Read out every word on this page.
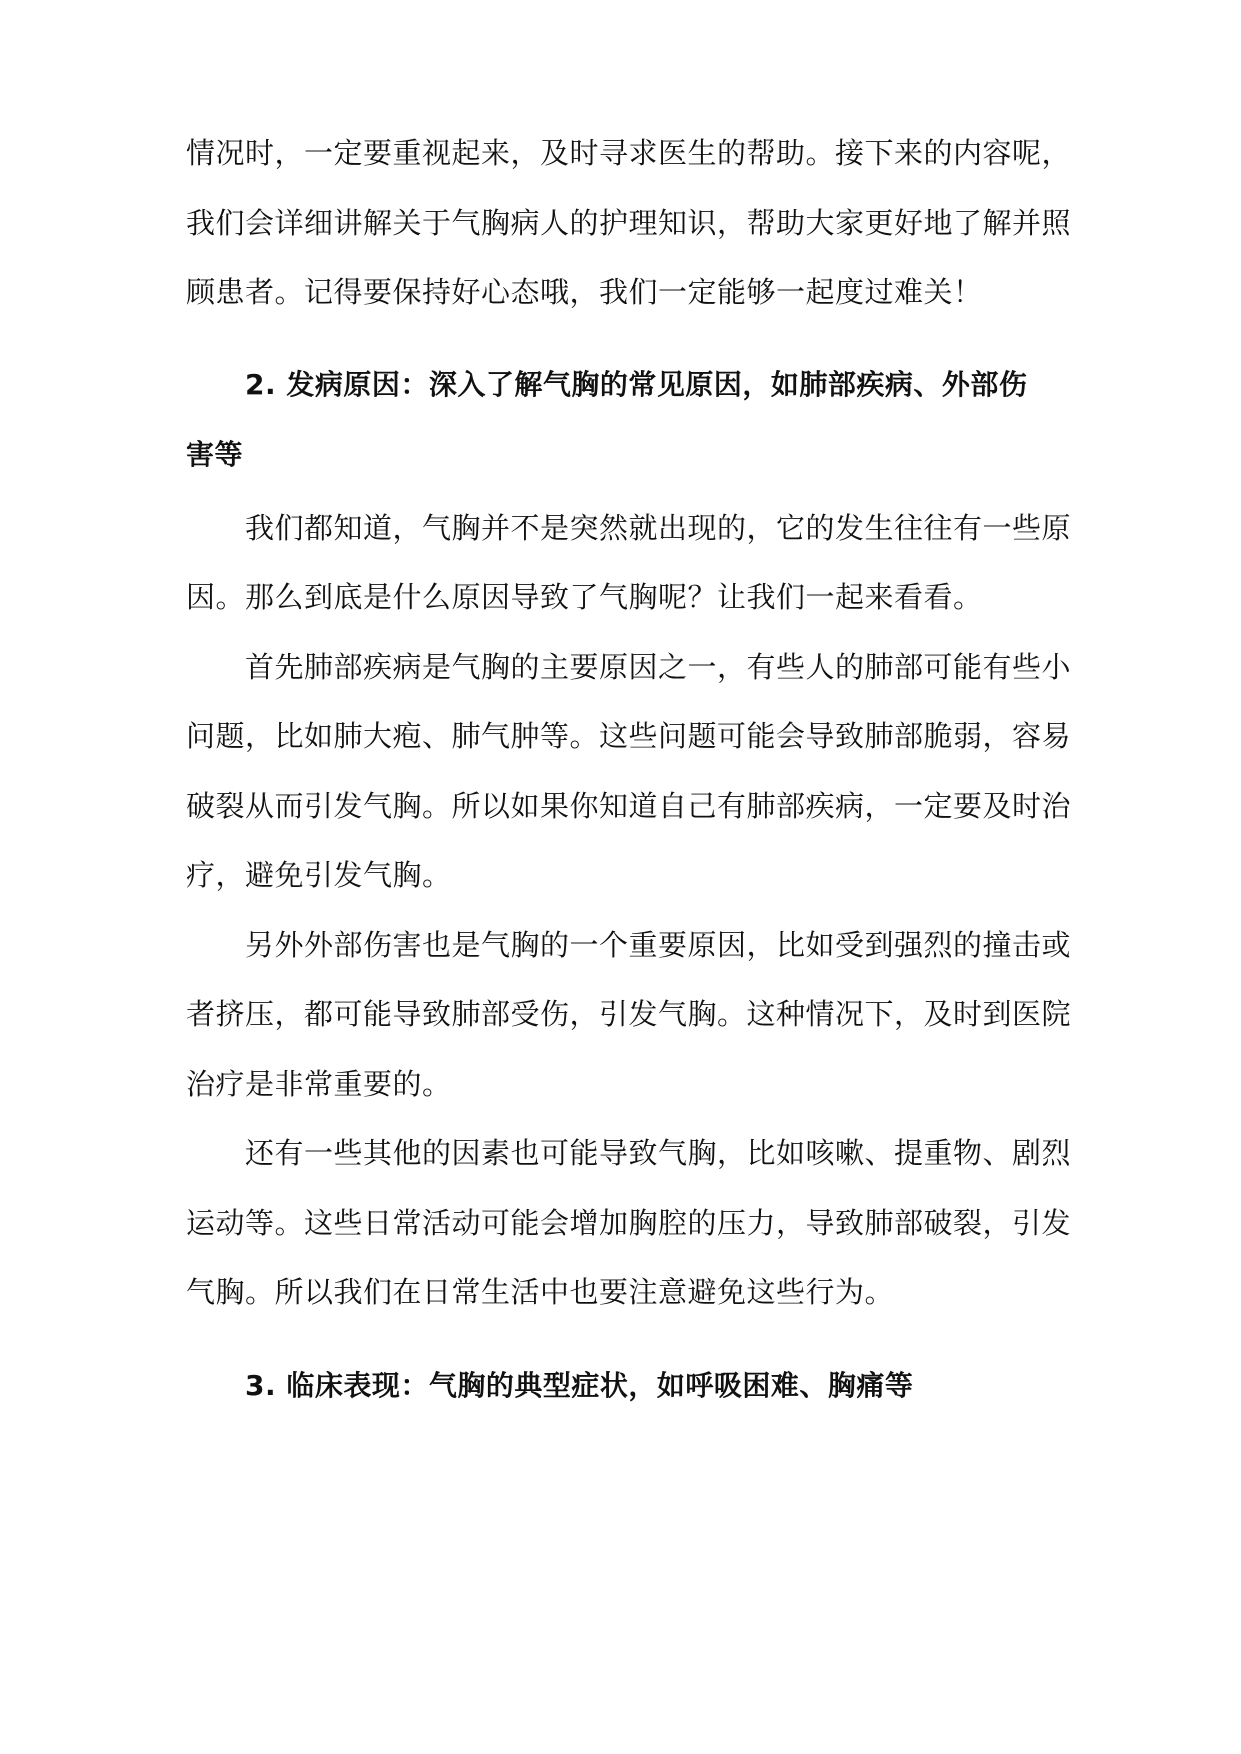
情况时，一定要重视起来，及时寻求医生的帮助。接下来的内容呢，
我们会详细讲解关于气胸病人的护理知识，帮助大家更好地了解并照
顾患者。记得要保持好心态哦，我们一定能够一起度过难关！
2. 发病原因：深入了解气胸的常见原因，如肺部疾病、外部伤
害等
我们都知道，气胸并不是突然就出现的，它的发生往往有一些原
因。那么到底是什么原因导致了气胸呢？让我们一起来看看。
首先肺部疾病是气胸的主要原因之一，有些人的肺部可能有些小
问题，比如肺大疱、肺气肿等。这些问题可能会导致肺部脆弱，容易
破裂从而引发气胸。所以如果你知道自己有肺部疾病，一定要及时治
疗，避免引发气胸。
另外外部伤害也是气胸的一个重要原因，比如受到强烈的撞击或
者挤压，都可能导致肺部受伤，引发气胸。这种情况下，及时到医院
治疗是非常重要的。
还有一些其他的因素也可能导致气胸，比如咳嗽、提重物、剧烈
运动等。这些日常活动可能会增加胸腔的压力，导致肺部破裂，引发
气胸。所以我们在日常生活中也要注意避免这些行为。
3. 临床表现：气胸的典型症状，如呼吸困难、胸痛等
